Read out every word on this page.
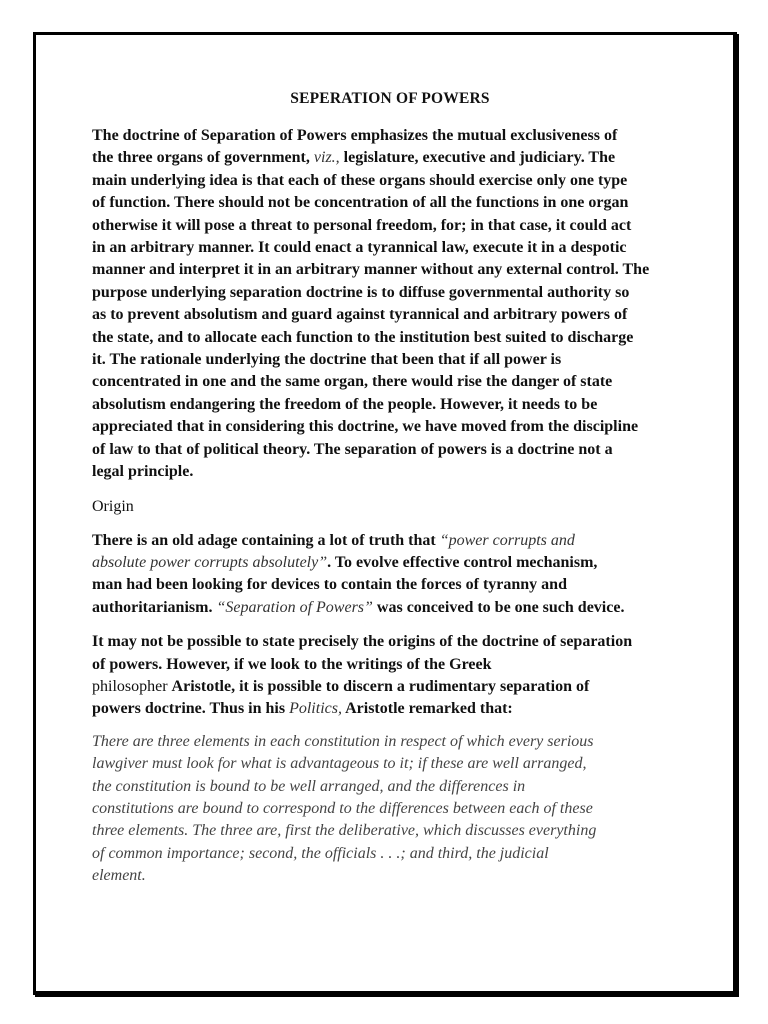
SEPERATION OF POWERS
The doctrine of Separation of Powers emphasizes the mutual exclusiveness of
the three organs of government, viz., legislature, executive and judiciary. The
main underlying idea is that each of these organs should exercise only one type
of function. There should not be concentration of all the functions in one organ
otherwise it will pose a threat to personal freedom, for; in that case, it could act
in an arbitrary manner. It could enact a tyrannical law, execute it in a despotic
manner and interpret it in an arbitrary manner without any external control. The
purpose underlying separation doctrine is to diffuse governmental authority so
as to prevent absolutism and guard against tyrannical and arbitrary powers of
the state, and to allocate each function to the institution best suited to discharge
it. The rationale underlying the doctrine that been that if all power is
concentrated in one and the same organ, there would rise the danger of state
absolutism endangering the freedom of the people. However, it needs to be
appreciated that in considering this doctrine, we have moved from the discipline
of law to that of political theory. The separation of powers is a doctrine not a
legal principle.
Origin
There is an old adage containing a lot of truth that “power corrupts and
absolute power corrupts absolutely”. To evolve effective control mechanism,
man had been looking for devices to contain the forces of tyranny and
authoritarianism. “Separation of Powers” was conceived to be one such device.
It may not be possible to state precisely the origins of the doctrine of separation
of powers. However, if we look to the writings of the Greek
philosopher Aristotle, it is possible to discern a rudimentary separation of
powers doctrine. Thus in his Politics, Aristotle remarked that:
There are three elements in each constitution in respect of which every serious
lawgiver must look for what is advantageous to it; if these are well arranged,
the constitution is bound to be well arranged, and the differences in
constitutions are bound to correspond to the differences between each of these
three elements. The three are, first the deliberative, which discusses everything
of common importance; second, the officials . . .; and third, the judicial
element.
